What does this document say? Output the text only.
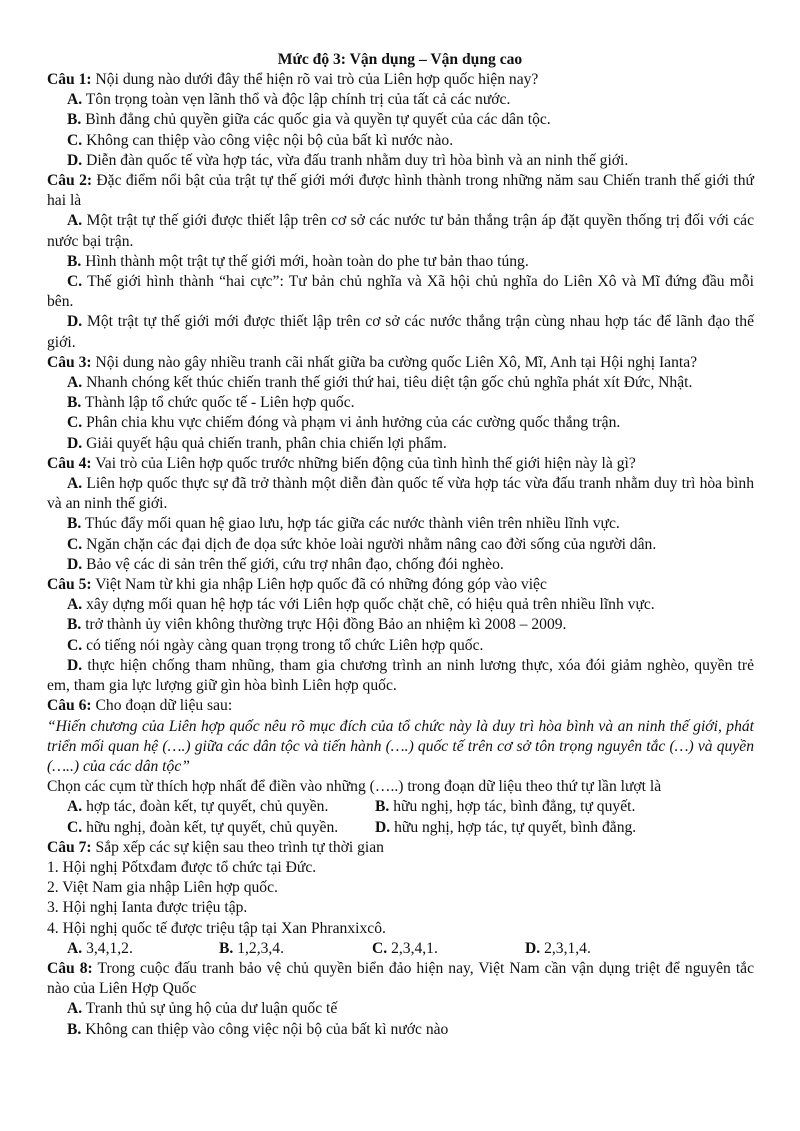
Mức độ 3: Vận dụng – Vận dụng cao
Câu 1: Nội dung nào dưới đây thể hiện rõ vai trò của Liên hợp quốc hiện nay?
A. Tôn trọng toàn vẹn lãnh thổ và độc lập chính trị của tất cả các nước.
B. Bình đẳng chủ quyền giữa các quốc gia và quyền tự quyết của các dân tộc.
C. Không can thiệp vào công việc nội bộ của bất kì nước nào.
D. Diễn đàn quốc tế vừa hợp tác, vừa đấu tranh nhằm duy trì hòa bình và an ninh thế giới.
Câu 2: Đặc điểm nổi bật của trật tự thế giới mới được hình thành trong những năm sau Chiến tranh thế giới thứ hai là
A. Một trật tự thế giới được thiết lập trên cơ sở các nước tư bản thắng trận áp đặt quyền thống trị đối với các nước bại trận.
B. Hình thành một trật tự thế giới mới, hoàn toàn do phe tư bản thao túng.
C. Thế giới hình thành “hai cực”: Tư bản chủ nghĩa và Xã hội chủ nghĩa do Liên Xô và Mĩ đứng đầu mỗi bên.
D. Một trật tự thế giới mới được thiết lập trên cơ sở các nước thắng trận cùng nhau hợp tác để lãnh đạo thế giới.
Câu 3: Nội dung nào gây nhiều tranh cãi nhất giữa ba cường quốc Liên Xô, Mĩ, Anh tại Hội nghị Ianta?
A. Nhanh chóng kết thúc chiến tranh thế giới thứ hai, tiêu diệt tận gốc chủ nghĩa phát xít Đức, Nhật.
B. Thành lập tổ chức quốc tế - Liên hợp quốc.
C. Phân chia khu vực chiếm đóng và phạm vi ảnh hưởng của các cường quốc thắng trận.
D. Giải quyết hậu quả chiến tranh, phân chia chiến lợi phẩm.
Câu 4: Vai trò của Liên hợp quốc trước những biến động của tình hình thế giới hiện này là gì?
A. Liên hợp quốc thực sự đã trở thành một diễn đàn quốc tế vừa hợp tác vừa đấu tranh nhằm duy trì hòa bình và an ninh thế giới.
B. Thúc đẩy mối quan hệ giao lưu, hợp tác giữa các nước thành viên trên nhiều lĩnh vực.
C. Ngăn chặn các đại dịch đe dọa sức khỏe loài người nhằm nâng cao đời sống của người dân.
D. Bảo vệ các di sản trên thế giới, cứu trợ nhân đạo, chống đói nghèo.
Câu 5: Việt Nam từ khi gia nhập Liên hợp quốc đã có những đóng góp vào việc
A. xây dựng mối quan hệ hợp tác với Liên hợp quốc chặt chẽ, có hiệu quả trên nhiều lĩnh vực.
B. trở thành ủy viên không thường trực Hội đồng Bảo an nhiệm kì 2008 – 2009.
C. có tiếng nói ngày càng quan trọng trong tổ chức Liên hợp quốc.
D. thực hiện chống tham nhũng, tham gia chương trình an ninh lương thực, xóa đói giảm nghèo, quyền trẻ em, tham gia lực lượng giữ gìn hòa bình Liên hợp quốc.
Câu 6: Cho đoạn dữ liệu sau:
“Hiến chương của Liên hợp quốc nêu rõ mục đích của tổ chức này là duy trì hòa bình và an ninh thế giới, phát triển mối quan hệ (….) giữa các dân tộc và tiến hành (….) quốc tế trên cơ sở tôn trọng nguyên tắc (…) và quyền (…..) của các dân tộc”
Chọn các cụm từ thích hợp nhất để điền vào những (…..) trong đoạn dữ liệu theo thứ tự lần lượt là
A. hợp tác, đoàn kết, tự quyết, chủ quyền.	B. hữu nghị, hợp tác, bình đẳng, tự quyết.
C. hữu nghị, đoàn kết, tự quyết, chủ quyền.	D. hữu nghị, hợp tác, tự quyết, bình đẳng.
Câu 7: Sắp xếp các sự kiện sau theo trình tự thời gian
1. Hội nghị Pốtxđam được tổ chức tại Đức.
2. Việt Nam gia nhập Liên hợp quốc.
3. Hội nghị Ianta được triệu tập.
4. Hội nghị quốc tế được triệu tập tại Xan Phranxixcô.
A. 3,4,1,2.	B. 1,2,3,4.	C. 2,3,4,1.	D. 2,3,1,4.
Câu 8: Trong cuộc đấu tranh bảo vệ chủ quyền biển đảo hiện nay, Việt Nam cần vận dụng triệt để nguyên tắc nào của Liên Hợp Quốc
A. Tranh thủ sự ủng hộ của dư luận quốc tế
B. Không can thiệp vào công việc nội bộ của bất kì nước nào
